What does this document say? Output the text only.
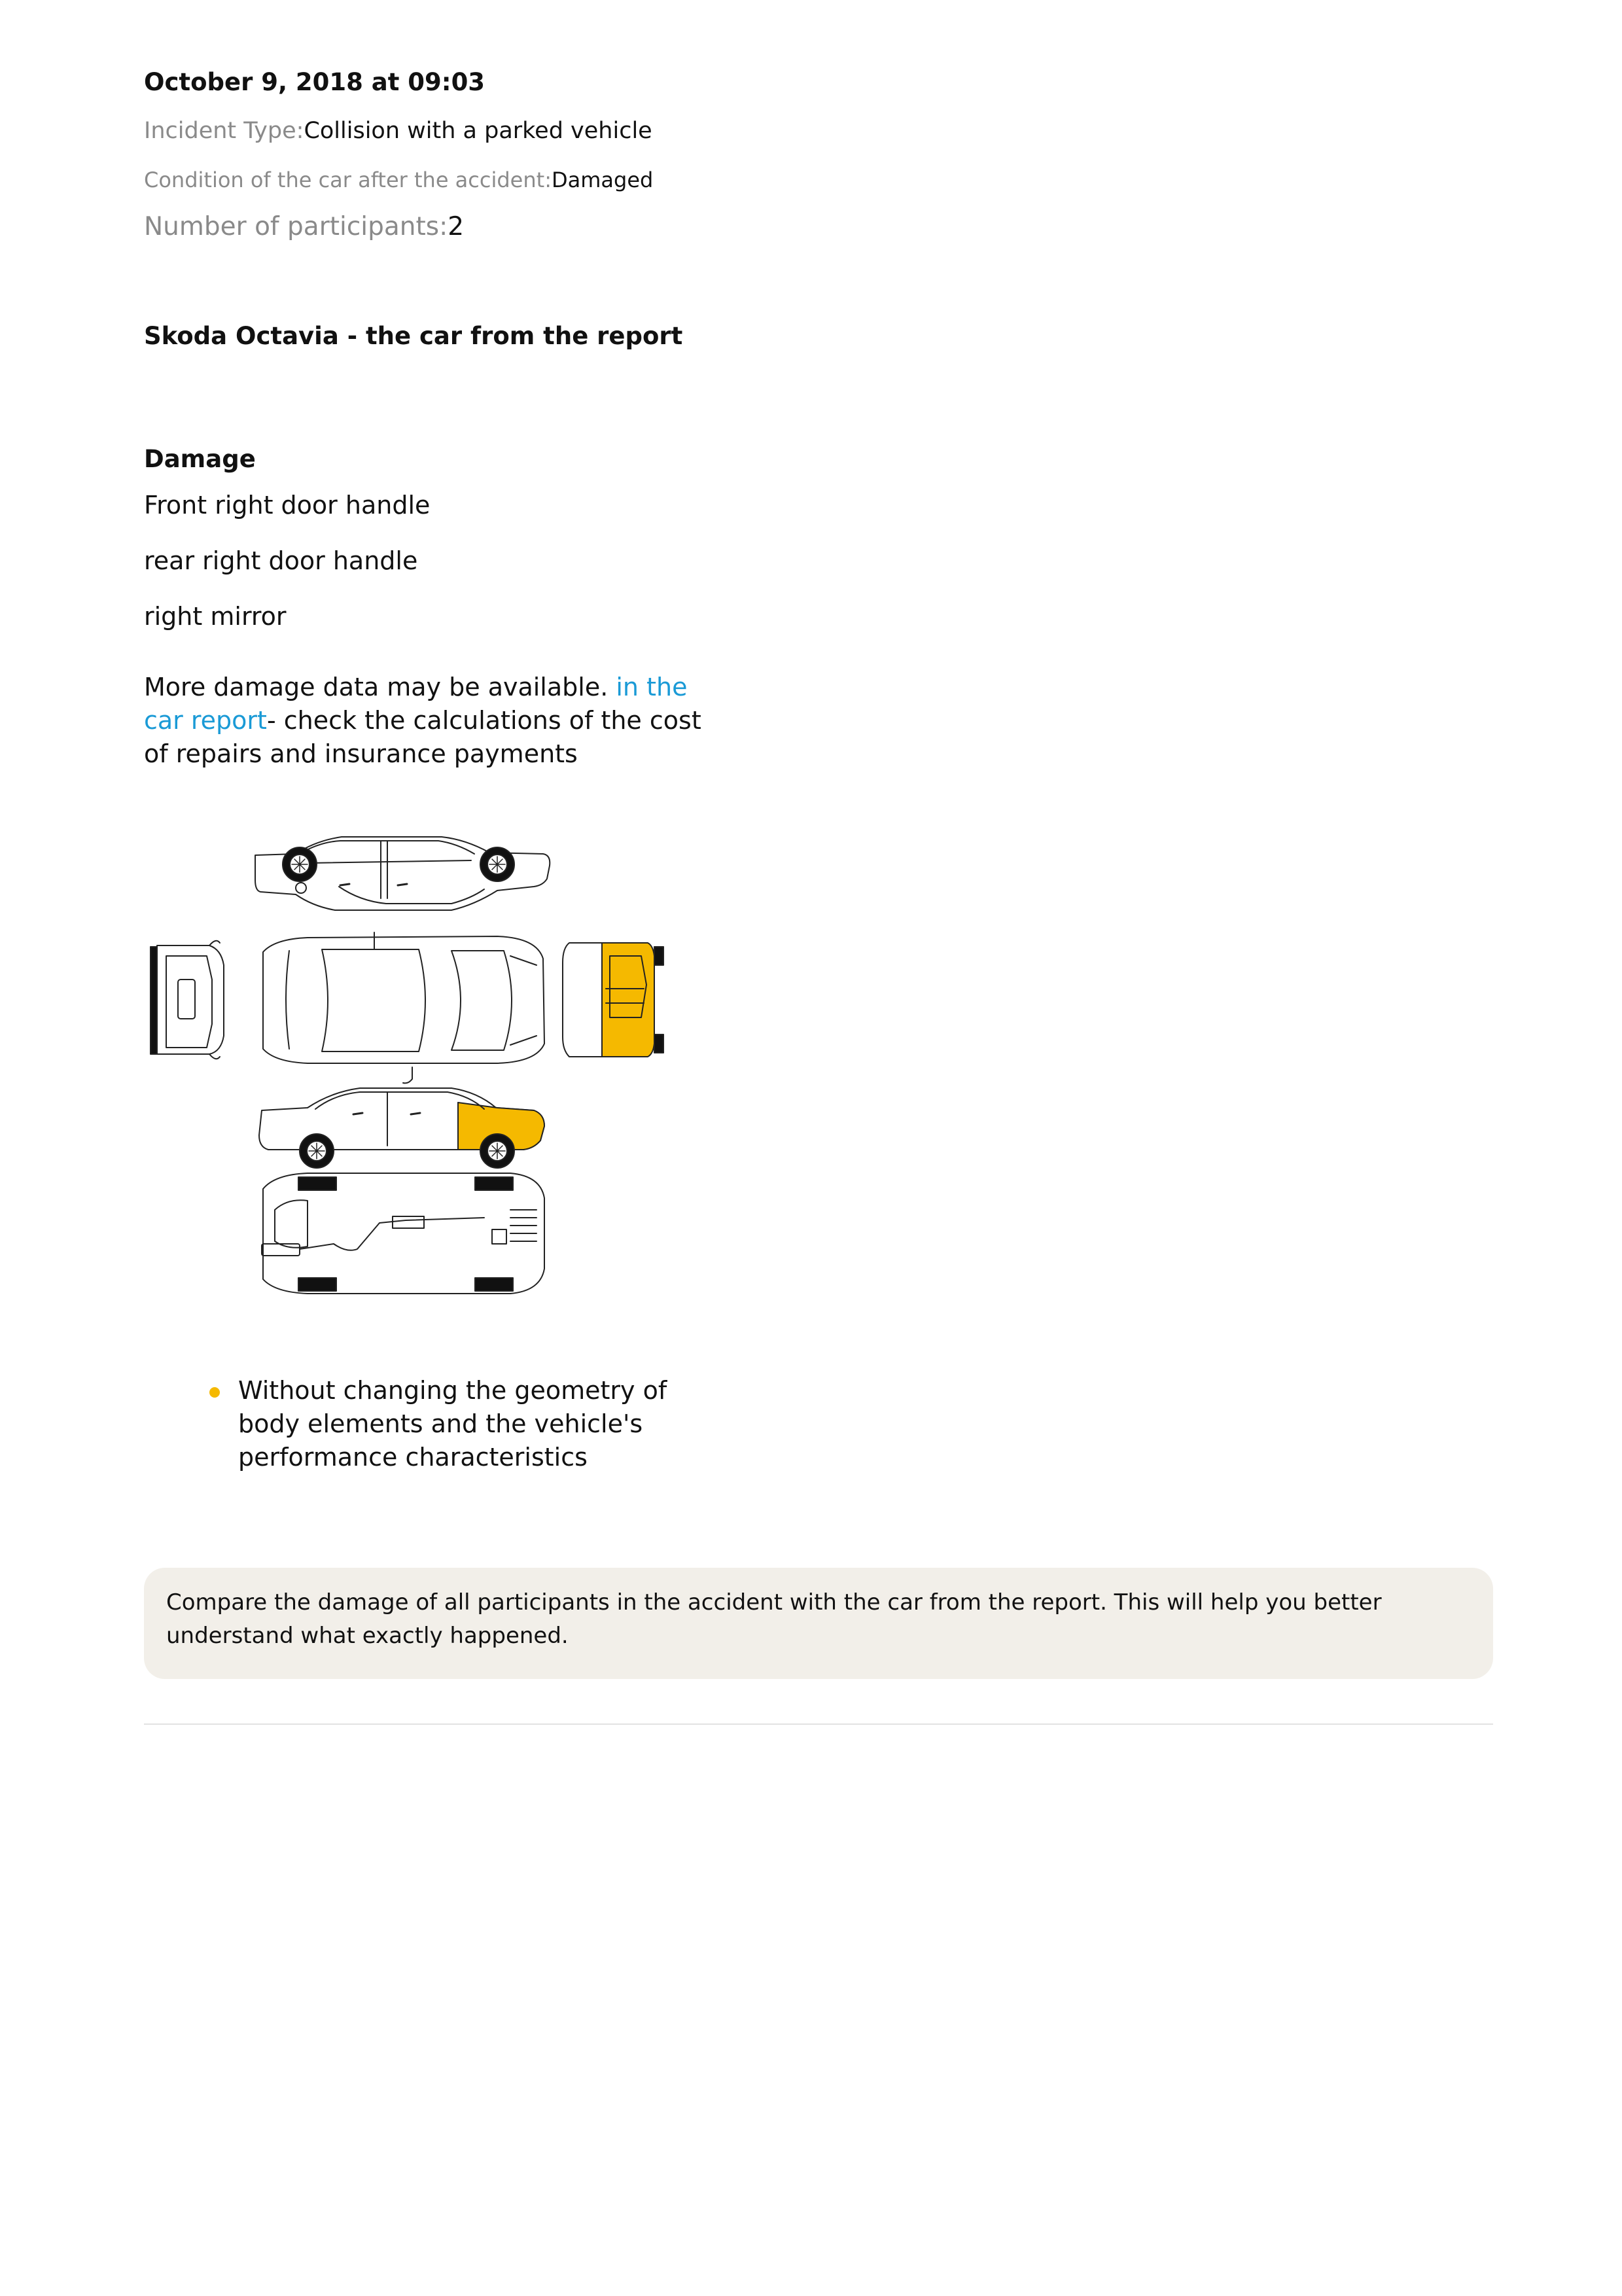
October 9, 2018 at 09:03
Incident Type:Collision with a parked vehicle
Condition of the car after the accident:Damaged
Number of participants:2
Skoda Octavia - the car from the report
Damage
Front right door handle
rear right door handle
right mirror
More damage data may be available. in the car report- check the calculations of the cost of repairs and insurance payments
Without changing the geometry of body elements and the vehicle's performance characteristics
Compare the damage of all participants in the accident with the car from the report. This will help you better understand what exactly happened.
